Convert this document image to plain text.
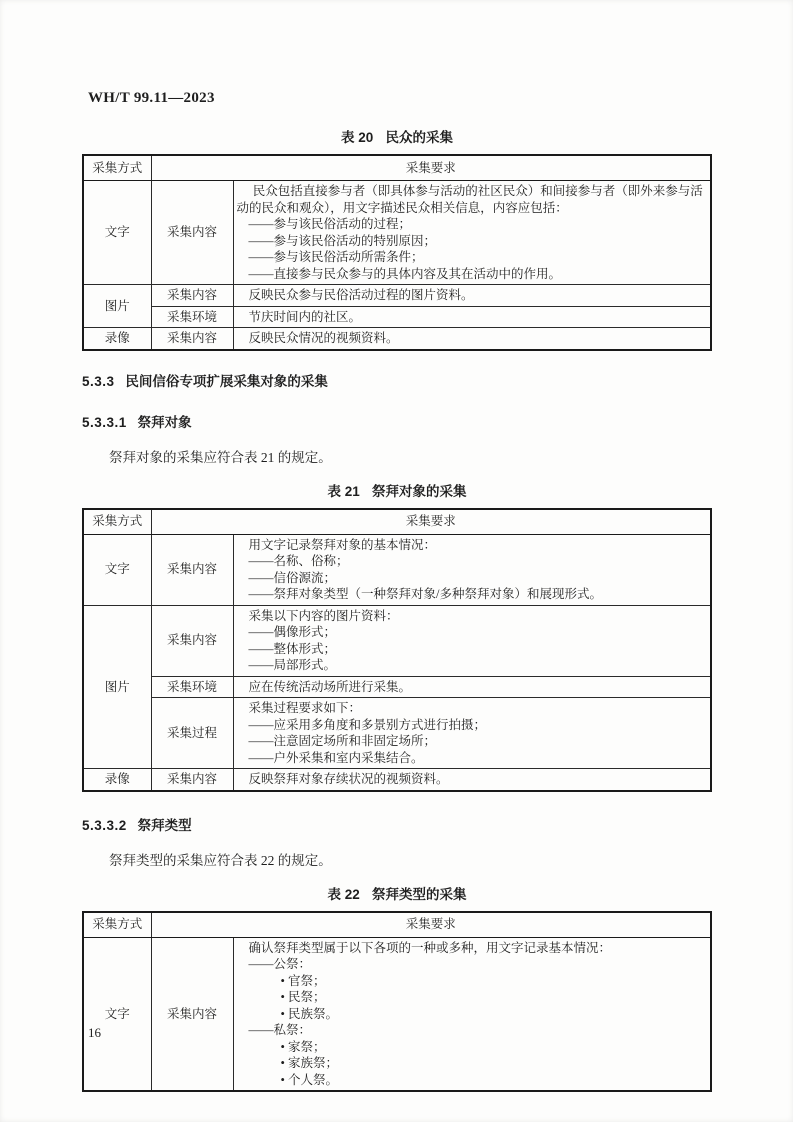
WH/T 99.11—2023

表 20 民众的采集

采集方式	采集要求	
文字	采集内容	民众包括直接参与者（即具体参与活动的社区民众）和间接参与者（即外来参与活动的民众和观众），用文字描述民众相关信息，内容应包括：

——参与该民俗活动的过程；

——参与该民俗活动的特别原因；

——参与该民俗活动所需条件；

——直接参与民众参与的具体内容及其在活动中的作用。

图片	采集内容	反映民众参与民俗活动过程的图片资料。

	采集环境	节庆时间内的社区。

录像	采集内容	反映民众情况的视频资料。

5.3.3 民间信俗专项扩展采集对象的采集

5.3.3.1 祭拜对象

祭拜对象的采集应符合表 21 的规定。

表 21 祭拜对象的采集

采集方式	采集要求	
文字	采集内容	用文字记录祭拜对象的基本情况：

——名称、俗称；

——信俗源流；

——祭拜对象类型（一种祭拜对象/多种祭拜对象）和展现形式。

图片	采集内容	采集以下内容的图片资料：

——偶像形式；

——整体形式；

——局部形式。

	采集环境	应在传统活动场所进行采集。

	采集过程	采集过程要求如下：

——应采用多角度和多景别方式进行拍摄；

——注意固定场所和非固定场所；

——户外采集和室内采集结合。

录像	采集内容	反映祭拜对象存续状况的视频资料。

5.3.3.2 祭拜类型

祭拜类型的采集应符合表 22 的规定。

表 22 祭拜类型的采集

采集方式	采集要求	
文字	采集内容	

确认祭拜类型属于以下各项的一种或多种，用文字记录基本情况：

——公祭：

• 官祭；

• 民祭；

• 民族祭。

——私祭：

• 家祭；

• 家族祭；

• 个人祭。

16
